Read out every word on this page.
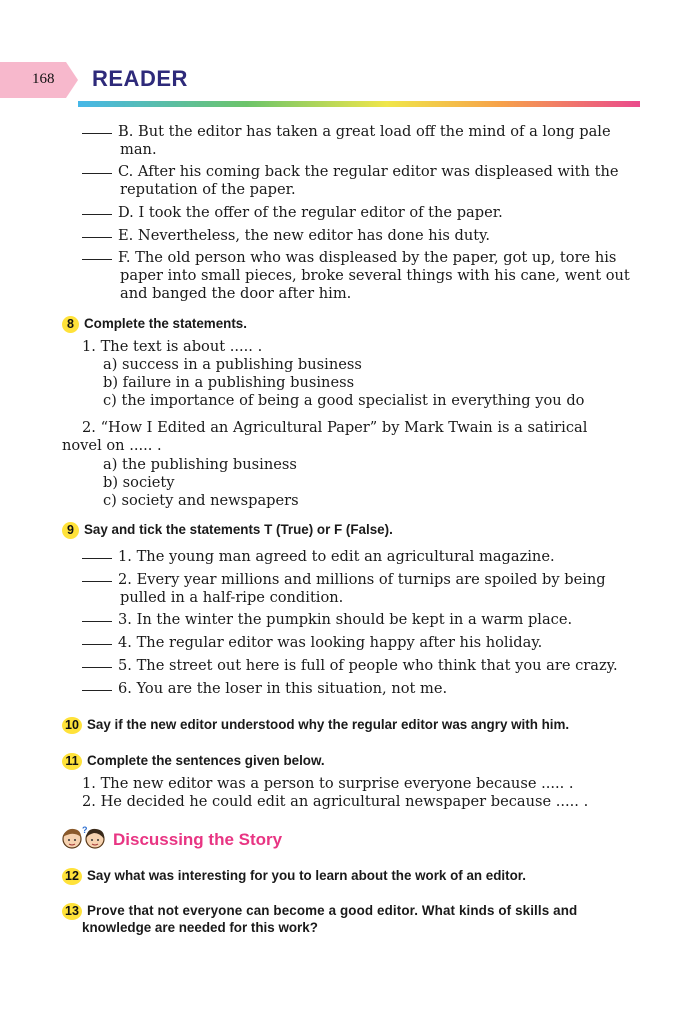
168 READER
B. But the editor has taken a great load off the mind of a long pale
man.
C. After his coming back the regular editor was displeased with the
reputation of the paper.
D. I took the offer of the regular editor of the paper.
E. Nevertheless, the new editor has done his duty.
F. The old person who was displeased by the paper, got up, tore his
paper into small pieces, broke several things with his cane, went out
and banged the door after him.
8 Complete the statements.
1. The text is about ..... .
a) success in a publishing business
b) failure in a publishing business
c) the importance of being a good specialist in everything you do
2. “How I Edited an Agricultural Paper” by Mark Twain is a satirical
novel on ..... .
a) the publishing business
b) society
c) society and newspapers
9 Say and tick the statements T (True) or F (False).
1. The young man agreed to edit an agricultural magazine.
2. Every year millions and millions of turnips are spoiled by being
pulled in a half-ripe condition.
3. In the winter the pumpkin should be kept in a warm place.
4. The regular editor was looking happy after his holiday.
5. The street out here is full of people who think that you are crazy.
6. You are the loser in this situation, not me.
10 Say if the new editor understood why the regular editor was angry with him.
11 Complete the sentences given below.
1. The new editor was a person to surprise everyone because ..... .
2. He decided he could edit an agricultural newspaper because ..... .
? Discussing the Story
12 Say what was interesting for you to learn about the work of an editor.
13 Prove that not everyone can become a good editor. What kinds of skills and
knowledge are needed for this work?
